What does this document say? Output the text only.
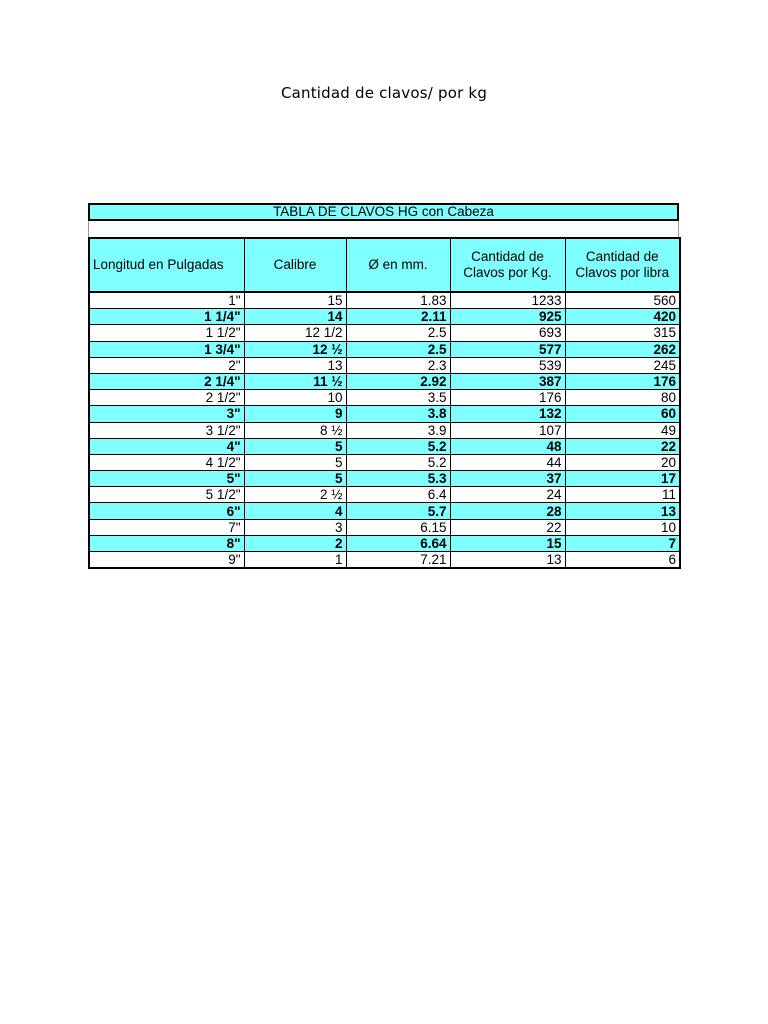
Cantidad de clavos/ por kg
TABLA DE CLAVOS HG con Cabeza
Longitud en Pulgadas	Calibre	Ø en mm.	Cantidad de Clavos por Kg.	Cantidad de Clavos por libra
1"	15	1.83	1233	560
1 1/4"	14	2.11	925	420
1 1/2"	12 1/2	2.5	693	315
1 3/4"	12 ½	2.5	577	262
2"	13	2.3	539	245
2 1/4"	11 ½	2.92	387	176
2 1/2"	10	3.5	176	80
3"	9	3.8	132	60
3 1/2"	8 ½	3.9	107	49
4"	5	5.2	48	22
4 1/2"	5	5.2	44	20
5"	5	5.3	37	17
5 1/2"	2 ½	6.4	24	11
6"	4	5.7	28	13
7"	3	6.15	22	10
8"	2	6.64	15	7
9"	1	7.21	13	6
